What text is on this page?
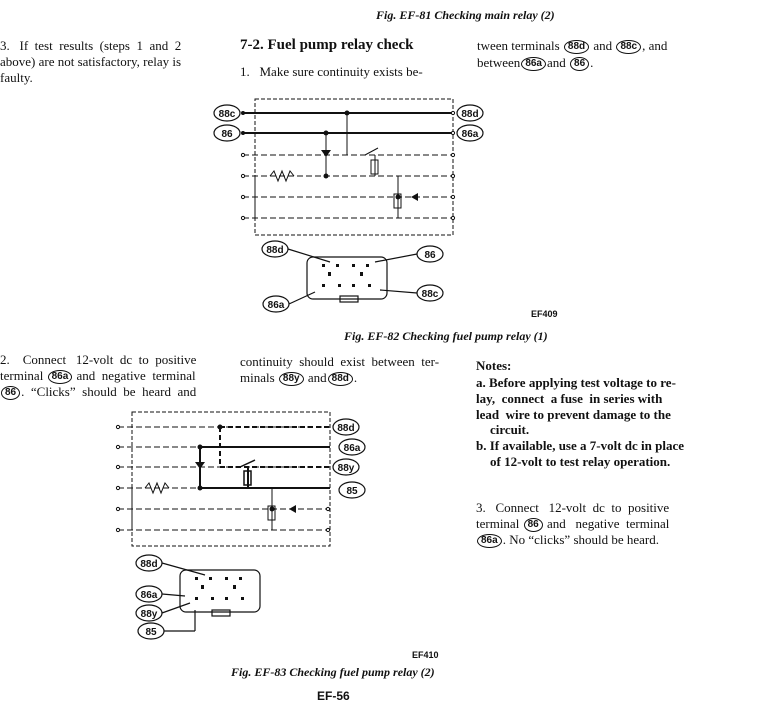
Fig. EF-81 Checking main relay (2)
3.   If  test  results  (steps  1  and  2
above) are not satisfactory, relay is
faulty.
7-2. Fuel pump relay check
1.   Make sure continuity exists be-
tween terminals 88d and 88c , and
between 86a and 86 .
88c
86
88d
86a
88d	86
88c
86a
EF409
Fig. EF-82 Checking fuel pump relay (1)
2.    Connect   12-volt  dc  to  positive
terminal 86a and  negative  terminal
86 .  “Clicks”  should  be  heard  and
continuity  should  exist  between  ter-
minals 88y and 88d .
Notes:
a. Before applying test voltage to re-
lay,  connect  a fuse  in series with
lead  wire to prevent damage to the
circuit.
b. If available, use a 7-volt dc in place
of 12-volt to test relay operation.
3.   Connect   12-volt  dc  to  positive
terminal 86 and   negative  terminal
86a . No “clicks” should be heard.
88d
86a
88y
85
88d
86a
88y
85
EF410
Fig. EF-83 Checking fuel pump relay (2)
EF-56
